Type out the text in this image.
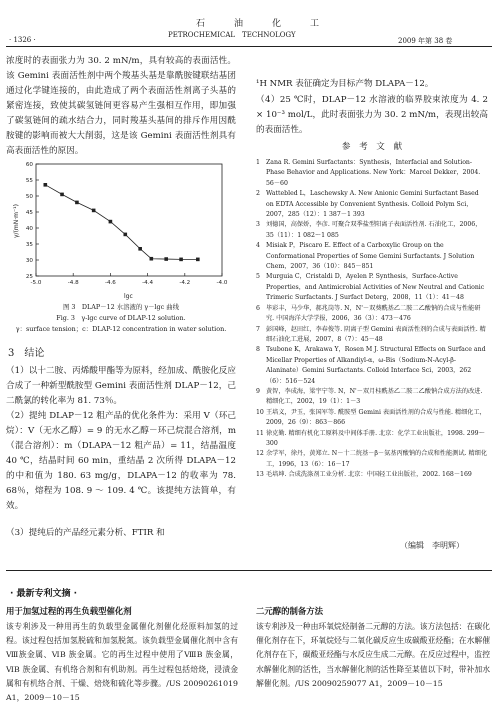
· 1326 ·
石　油　化　工
PETROCHEMICAL　TECHNOLOGY
2009 年第 38 卷
浓度时的表面张力为 30. 2 mN/m，具有较高的表面活性。该 Gemini 表面活性剂中两个羧基头基是靠酰胺键联结基团通过化学键连接的，由此造成了两个表面活性剂离子头基的紧密连接，致使其碳氢链间更容易产生强相互作用，即加强了碳氢链间的疏水结合力，同时羧基头基间的排斥作用因酰胺键的影响而被大大削弱，这是该 Gemini 表面活性剂具有高表面活性的原因。
-5.0	-4.8	-4.6	-4.4	-4.2	-4.0
25
30
35
40
45
50
55
60
γ/(mN·m⁻¹)
lgc
图 3　DLAP－12 水溶液的 γ－lgc 曲线
Fig. 3　γ-lgc curve of DLAP-12 solution.
γ：surface tension；c：DLAP-12 concentration in water solution.
3　结论
（1）以十二胺、丙烯酸甲酯等为原料，经加成、酰胺化反应合成了一种新型酰胺型 Gemini 表面活性剂 DLAP－12，己二酰氯的转化率为 81. 73％。
（2）提纯 DLAP－12 粗产品的优化条件为：采用 V（环己烷）：V（无水乙醇）= 9 的无水乙醇－环己烷混合溶剂，m（混合溶剂）：m（DLAPA－12 粗产品）= 11，结晶温度 40 ℃，结晶时间 60 min，重结晶 2 次所得 DLAPA－12 的中和值为 180. 63 mg/g，DLAPA－12 的收率为 78. 68％，熔程为 108. 9 ～ 109. 4 ℃。该提纯方法简单，有效。
（3）提纯后的产品经元素分析、FTIR 和
¹H NMR 表征确定为目标产物 DLAPA－12。
（4）25 ℃时，DLAP－12 水溶液的临界胶束浓度为 4. 2 × 10⁻³ mol/L，此时表面张力为 30. 2 mN/m，表现出较高的表面活性。
参　考　文　献
1 Zana R. Gemini Surfactants：Synthesis，Interfacial and Solution-Phase Behavior and Applications. New York：Marcel Dekker，2004. 56－60
2 Wattebled L，Laschewsky A. New Anionic Gemini Surfactant Based on EDTA Accessible by Convenient Synthesis. Colloid Polym Sci，2007，285（12）：1 387－1 393
3 刘德国，高保娇，李彦. 可聚合双季盐型阳离子表面活性剂. 石油化工，2006，35（11）：1 082～1 085
4 Misiak P，Piscaro E. Effect of a Carboxylic Group on the Conformational Properties of Some Gemini Surfactants. J Solution Chem，2007，36（10）：845－851
5 Murguia C，Cristaldi D，Ayelen P. Synthesis，Surface-Active Properties，and Antimicrobial Activities of New Neutral and Cationic Trimeric Surfactants. J Surfact Deterg，2008，11（1）：41－48
6 毕彩丰，马少华，郝兆岗等. N，N'－双葵酰基乙二胺二乙酸钠的合成与性能研究. 中国海洋大学学报，2006，36（3）：473－476
7 彭国峰，赵田红，李春俊等. 阴离子型 Gemini 表面活性剂的合成与表面活性. 精细石油化工进展，2007，8（7）：45－48
8 Tsubone K，Arakawa Y，Rosen M J. Structural Effects on Surface and Micellar Properties of Alkandiyl-α，ω-Bis（Sodium-N-Acyl-β-Alaninate）Gemini Surfactants. Colloid Interface Sci，2003，262（6）：516－524
9 黄智，李成海，梁宇宁等. N，N'－双月桂酰基乙二胺二乙酸钠合成方法的改进. 精细化工，2002，19（1）：1－3
10 王培义，尹玉，张国军等. 酰胺型 Gemini 表面活性剂的合成与性能. 精细化工，2009，26（9）：863－866
11 徐克勤. 精细有机化工原料及中间体手册. 北京：化学工业出版社，1998. 299～300
12 余学军，徐丹，黄郑立. N－十二烷基－β－氨基丙酸钠的合成和性能测试. 精细化工，1996，13（6）：16－17
13 毛培坤. 合成洗涤剂工业分析. 北京：中国轻工业出版社，2002. 168－169
（编辑　李明辉）
· 最新专利文摘 ·
用于加氢过程的再生负载型催化剂
该专利涉及一种用再生的负载型金属催化剂催化烃原料加氢的过程。该过程包括加氢脱硫和加氢脱氮。该负载型金属催化剂中含有Ⅷ族金属、ⅥB 族金属。它的再生过程中使用了ⅧB 族金属，ⅥB 族金属、有机络合剂和有机助剂。再生过程包括焙烧，浸渍金属和有机络合剂、干燥、焙烧和硫化等步骤。/US 20090261019 A1，2009－10－15
二元醇的制备方法
该专利涉及一种由环氧烷烃制备二元醇的方法。该方法包括：在碳化催化剂存在下，环氧烷烃与二氧化碳反应生成碳酸亚烃酯；在水解催化剂存在下，碳酸亚烃酯与水反应生成二元醇。在反应过程中，监控水解催化剂的活性，当水解催化剂的活性降至某值以下时，带补加水解催化剂。/US 20090259077 A1，2009－10－15
